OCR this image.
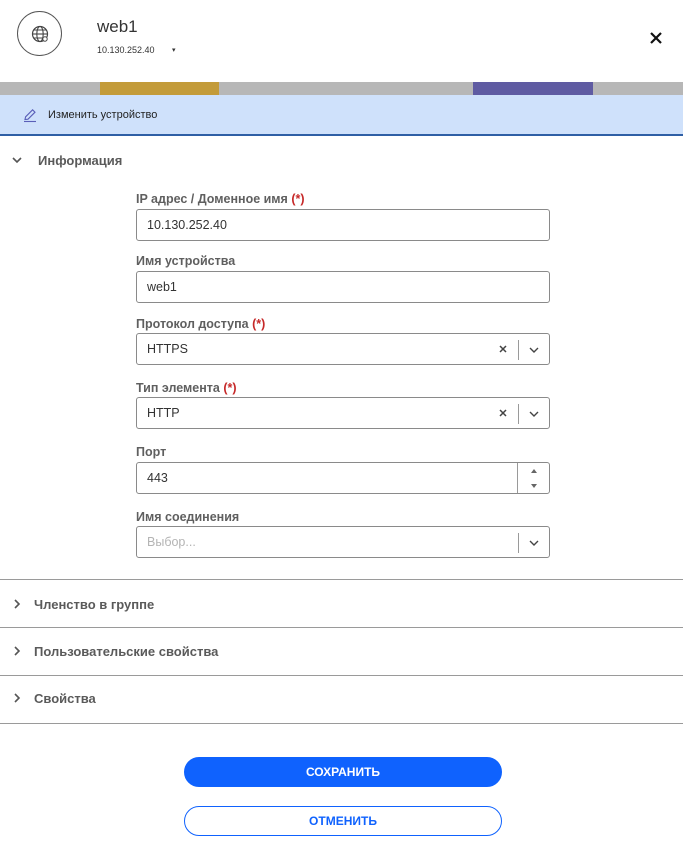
web1
10.130.252.40 ▾
Изменить устройство
Информация
IP адрес / Доменное имя (*)
10.130.252.40
Имя устройства
web1
Протокол доступа (*)
HTTPS
Тип элемента (*)
HTTP
Порт
443
Имя соединения
Выбор...
Членство в группе
Пользовательские свойства
Свойства
СОХРАНИТЬ
ОТМЕНИТЬ
